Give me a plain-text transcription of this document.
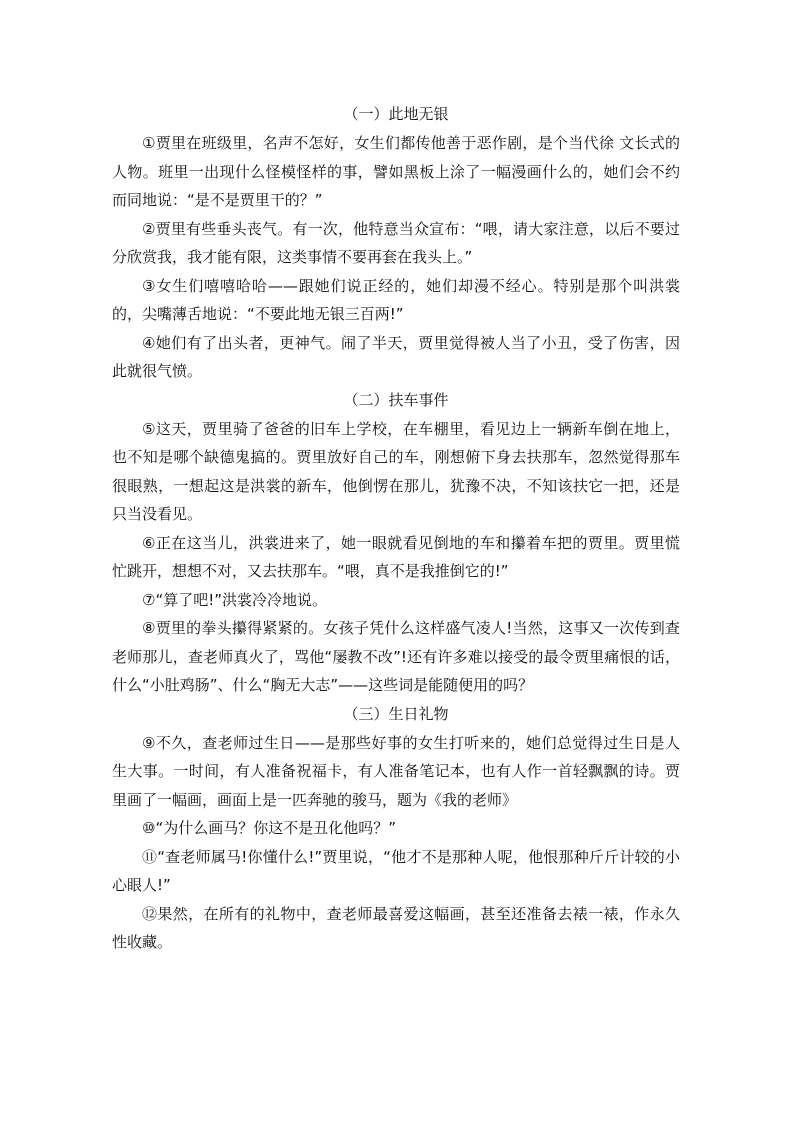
（一）此地无银

①贾里在班级里，名声不怎好，女生们都传他善于恶作剧，是个当代徐 文长式的人物。班里一出现什么怪模怪样的事，譬如黑板上涂了一幅漫画什么的，她们会不约而同地说：“是不是贾里干的？”

②贾里有些垂头丧气。有一次，他特意当众宣布：“喂，请大家注意，以后不要过分欣赏我，我才能有限，这类事情不要再套在我头上。”

③女生们嘻嘻哈哈——跟她们说正经的，她们却漫不经心。特别是那个叫洪裳的，尖嘴薄舌地说：“不要此地无银三百两!”

④她们有了出头者，更神气。闹了半天，贾里觉得被人当了小丑，受了伤害，因此就很气愤。

（二）扶车事件

⑤这天，贾里骑了爸爸的旧车上学校，在车棚里，看见边上一辆新车倒在地上，也不知是哪个缺德鬼搞的。贾里放好自己的车，刚想俯下身去扶那车，忽然觉得那车很眼熟，一想起这是洪裳的新车，他倒愣在那儿，犹豫不决，不知该扶它一把，还是只当没看见。

⑥正在这当儿，洪裳进来了，她一眼就看见倒地的车和攥着车把的贾里。贾里慌忙跳开，想想不对，又去扶那车。“喂，真不是我推倒它的!”

⑦“算了吧!”洪裳冷冷地说。

⑧贾里的拳头攥得紧紧的。女孩子凭什么这样盛气凌人!当然，这事又一次传到查老师那儿，查老师真火了，骂他“屡教不改”!还有许多难以接受的最令贾里痛恨的话，什么“小肚鸡肠”、什么“胸无大志”——这些词是能随便用的吗？

（三）生日礼物

⑨不久，查老师过生日——是那些好事的女生打听来的，她们总觉得过生日是人生大事。一时间，有人准备祝福卡，有人准备笔记本，也有人作一首轻飘飘的诗。贾里画了一幅画，画面上是一匹奔驰的骏马，题为《我的老师》

⑩“为什么画马？你这不是丑化他吗？”

⑪“查老师属马!你懂什么!”贾里说，“他才不是那种人呢，他恨那种斤斤计较的小心眼人!”

⑫果然，在所有的礼物中，查老师最喜爱这幅画，甚至还准备去裱一裱，作永久性收藏。
